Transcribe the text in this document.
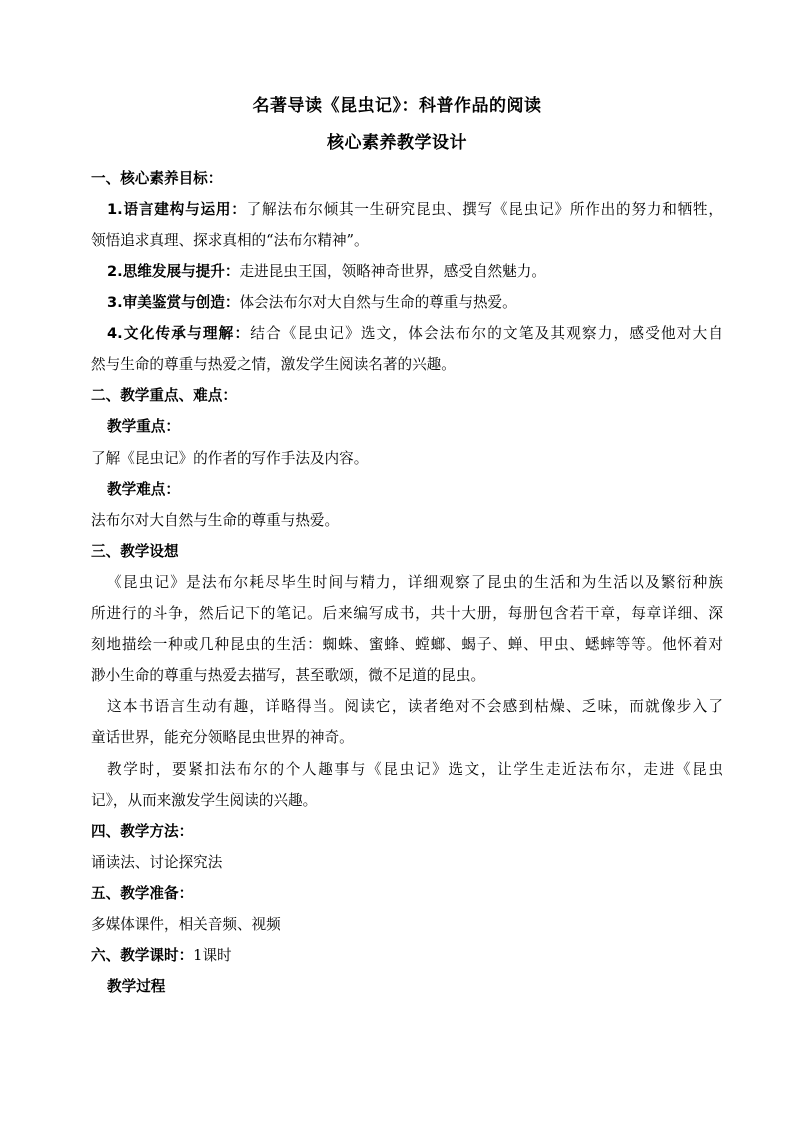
名著导读《昆虫记》：科普作品的阅读
核心素养教学设计

一、核心素养目标：

1.语言建构与运用：了解法布尔倾其一生研究昆虫、撰写《昆虫记》所作出的努力和牺牲，

领悟追求真理、探求真相的“法布尔精神”。

2.思维发展与提升：走进昆虫王国，领略神奇世界，感受自然魅力。

3.审美鉴赏与创造：体会法布尔对大自然与生命的尊重与热爱。

4.文化传承与理解：结合《昆虫记》选文，体会法布尔的文笔及其观察力，感受他对大自

然与生命的尊重与热爱之情，激发学生阅读名著的兴趣。

二、教学重点、难点：

教学重点：

了解《昆虫记》的作者的写作手法及内容。

教学难点：

法布尔对大自然与生命的尊重与热爱。

三、教学设想

《昆虫记》是法布尔耗尽毕生时间与精力，详细观察了昆虫的生活和为生活以及繁衍种族

所进行的斗争，然后记下的笔记。后来编写成书，共十大册，每册包含若干章，每章详细、深

刻地描绘一种或几种昆虫的生活：蜘蛛、蜜蜂、螳螂、蝎子、蝉、甲虫、蟋蟀等等。他怀着对

渺小生命的尊重与热爱去描写，甚至歌颂，微不足道的昆虫。

这本书语言生动有趣，详略得当。阅读它，读者绝对不会感到枯燥、乏味，而就像步入了

童话世界，能充分领略昆虫世界的神奇。

教学时，要紧扣法布尔的个人趣事与《昆虫记》选文，让学生走近法布尔，走进《昆虫

记》，从而来激发学生阅读的兴趣。

四、教学方法：

诵读法、讨论探究法

五、教学准备：

多媒体课件，相关音频、视频

六、教学课时：1课时

教学过程
